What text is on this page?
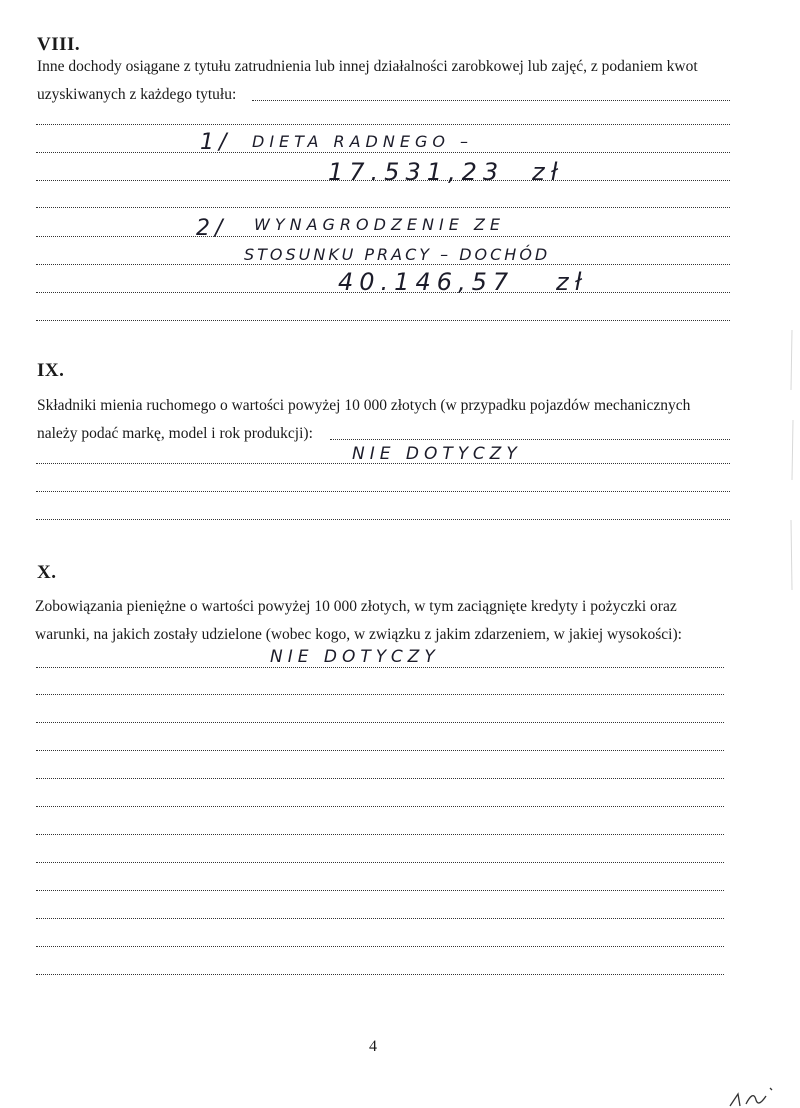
VIII.
Inne dochody osiągane z tytułu zatrudnienia lub innej działalności zarobkowej lub zajęć, z podaniem kwot
uzyskiwanych z każdego tytułu:
1/ DIETA RADNEGO –
17.531,23 zł
2/ WYNAGRODZENIE ZE
STOSUNKU PRACY – DOCHÓD
40.146,57 zł
IX.
Składniki mienia ruchomego o wartości powyżej 10 000 złotych (w przypadku pojazdów mechanicznych
należy podać markę, model i rok produkcji):
NIE DOTYCZY
X.
Zobowiązania pieniężne o wartości powyżej 10 000 złotych, w tym zaciągnięte kredyty i pożyczki oraz
warunki, na jakich zostały udzielone (wobec kogo, w związku z jakim zdarzeniem, w jakiej wysokości):
NIE DOTYCZY
4
